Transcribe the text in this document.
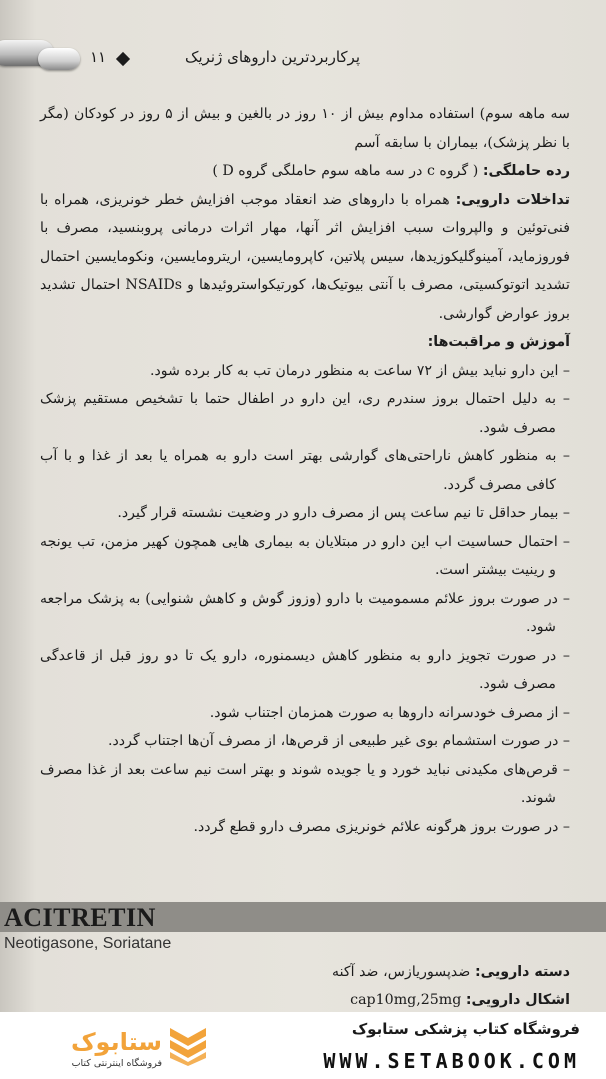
۱۱	پرکاربردترین داروهای ژنریک

سه ماهه سوم) استفاده مداوم بیش از ۱۰ روز در بالغین و بیش از ۵ روز در کودکان (مگر با نظر پزشک)، بیماران با سابقه آسم

رده حاملگی: ( گروه c در سه ماهه سوم حاملگی گروه D )

تداخلات دارویی: همراه با داروهای ضد انعقاد موجب افزایش خطر خونریزی، همراه با فنی‌توئین و والپروات سبب افزایش اثر آنها، مهار اثرات درمانی پروبنسید، مصرف با فوروزماید، آمینوگلیکوزیدها، سیس پلاتین، کاپرومایسین، اریترومایسین، ونکومایسین احتمال تشدید اتوتوکسیتی، مصرف با آنتی بیوتیک‌ها، کورتیکواستروئیدها و NSAIDs احتمال تشدید بروز عوارض گوارشی.

آموزش و مراقبت‌ها:

– این دارو نباید بیش از ۷۲ ساعت به منظور درمان تب به کار برده شود.

– به دلیل احتمال بروز سندرم ری، این دارو در اطفال حتما با تشخیص مستقیم پزشک مصرف شود.

– به منظور کاهش ناراحتی‌های گوارشی بهتر است دارو به همراه یا بعد از غذا و با آب کافی مصرف گردد.

– بیمار حداقل تا نیم ساعت پس از مصرف دارو در وضعیت نشسته قرار گیرد.

– احتمال حساسیت اب این دارو در مبتلایان به بیماری هایی همچون کهیر مزمن، تب یونجه و رینیت بیشتر است.

– در صورت بروز علائم مسمومیت با دارو (وزوز گوش و کاهش شنوایی) به پزشک مراجعه شود.

– در صورت تجویز دارو به منظور کاهش دیسمنوره، دارو یک تا دو روز قبل از قاعدگی مصرف شود.

– از مصرف خودسرانه داروها به صورت همزمان اجتناب شود.

– در صورت استشمام بوی غیر طبیعی از قرص‌ها، از مصرف آن‌ها اجتناب گردد.

– قرص‌های مکیدنی نباید خورد و یا جویده شوند و بهتر است نیم ساعت بعد از غذا مصرف شوند.

– در صورت بروز هرگونه علائم خونریزی مصرف دارو قطع گردد.

ACITRETIN
Neotigasone, Soriatane
دسته دارویی: ضدپسوریازس، ضد آکنه
اشکال دارویی: cap10mg,25mg
فروشگاه کتاب پزشکی ستابوک
WWW.SETABOOK.COM
ستابوک
فروشگاه اینترنتی کتاب
